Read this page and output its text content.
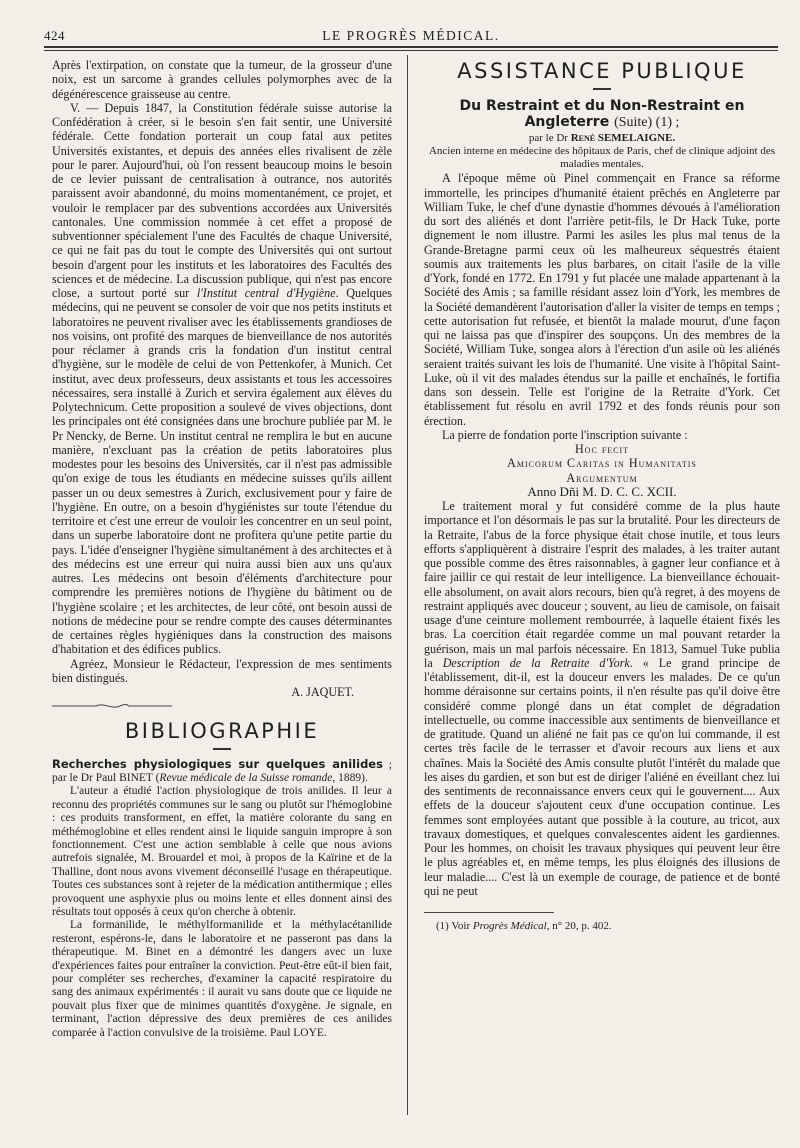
424	LE PROGRÈS MÉDICAL.

Après l'extirpation, on constate que la tumeur, de la grosseur d'une noix, est un sarcome à grandes cellules polymorphes avec de la dégénérescence graisseuse au centre.

V. — Depuis 1847, la Constitution fédérale suisse autorise la Confédération à créer, si le besoin s'en fait sentir, une Université fédérale. Cette fondation porterait un coup fatal aux petites Universités existantes, et depuis des années elles rivalisent de zèle pour le parer. Aujourd'hui, où l'on ressent beaucoup moins le besoin de ce levier puissant de centralisation à outrance, nos autorités paraissent avoir abandonné, du moins momentanément, ce projet, et vouloir le remplacer par des subventions accordées aux Universités cantonales. Une commission nommée à cet effet a proposé de subventionner spécialement l'une des Facultés de chaque Université, ce qui ne fait pas du tout le compte des Universités qui ont surtout besoin d'argent pour les instituts et les laboratoires des Facultés des sciences et de médecine. La discussion publique, qui n'est pas encore close, a surtout porté sur l'Institut central d'Hygiène. Quelques médecins, qui ne peuvent se consoler de voir que nos petits instituts et laboratoires ne peuvent rivaliser avec les établissements grandioses de nos voisins, ont profité des marques de bienveillance de nos autorités pour réclamer à grands cris la fondation d'un institut central d'hygiène, sur le modèle de celui de von Pettenkofer, à Munich. Cet institut, avec deux professeurs, deux assistants et tous les accessoires nécessaires, sera installé à Zurich et servira également aux élèves du Polytechnicum. Cette proposition a soulevé de vives objections, dont les principales ont été consignées dans une brochure publiée par M. le Pr Nencky, de Berne. Un institut central ne remplira le but en aucune manière, n'excluant pas la création de petits laboratoires plus modestes pour les besoins des Universités, car il n'est pas admissible qu'on exige de tous les étudiants en médecine suisses qu'ils aillent passer un ou deux semestres à Zurich, exclusivement pour y faire de l'hygiène. En outre, on a besoin d'hygiénistes sur toute l'étendue du territoire et c'est une erreur de vouloir les concentrer en un seul point, dans un superbe laboratoire dont ne profitera qu'une petite partie du pays. L'idée d'enseigner l'hygiène simultanément à des architectes et à des médecins est une erreur qui nuira aussi bien aux uns qu'aux autres. Les médecins ont besoin d'éléments d'architecture pour comprendre les premières notions de l'hygiène du bâtiment ou de l'hygiène scolaire ; et les architectes, de leur côté, ont besoin aussi de notions de médecine pour se rendre compte des causes déterminantes de certaines règles hygiéniques dans la construction des maisons d'habitation et des édifices publics.

Agréez, Monsieur le Rédacteur, l'expression de mes sentiments bien distingués.

A. JAQUET.

BIBLIOGRAPHIE

Recherches physiologiques sur quelques anilides ; par le Dr Paul BINET (Revue médicale de la Suisse romande, 1889).

L'auteur a étudié l'action physiologique de trois anilides. Il leur a reconnu des propriétés communes sur le sang ou plutôt sur l'hémoglobine : ces produits transforment, en effet, la matière colorante du sang en méthémoglobine et elles rendent ainsi le liquide sanguin impropre à son fonctionnement. C'est une action semblable à celle que nous avions autrefois signalée, M. Brouardel et moi, à propos de la Kaïrine et de la Thalline, dont nous avons vivement déconseillé l'usage en thérapeutique. Toutes ces substances sont à rejeter de la médication antithermique ; elles provoquent une asphyxie plus ou moins lente et elles donnent ainsi des résultats tout opposés à ceux qu'on cherche à obtenir.

La formanilide, le méthylformanilide et la méthylacétanilide resteront, espérons-le, dans le laboratoire et ne passeront pas dans la thérapeutique. M. Binet en a démontré les dangers avec un luxe d'expériences faites pour entraîner la conviction. Peut-être eût-il bien fait, pour compléter ses recherches, d'examiner la capacité respiratoire du sang des animaux expérimentés : il aurait vu sans doute que ce liquide ne pouvait plus fixer que de minimes quantités d'oxygène. Je signale, en terminant, l'action dépressive des deux premières de ces anilides comparée à l'action convulsive de la troisième. Paul LOYE.

ASSISTANCE PUBLIQUE

Du Restraint et du Non-Restraint en Angleterre (Suite) (1) ;

par le Dr René SEMELAIGNE.

Ancien interne en médecine des hôpitaux de Paris, chef de clinique adjoint des maladies mentales.

A l'époque même où Pinel commençait en France sa réforme immortelle, les principes d'humanité étaient prêchés en Angleterre par William Tuke, le chef d'une dynastie d'hommes dévoués à l'amélioration du sort des aliénés et dont l'arrière petit-fils, le Dr Hack Tuke, porte dignement le nom illustre. Parmi les asiles les plus mal tenus de la Grande-Bretagne parmi ceux où les malheureux séquestrés étaient soumis aux traitements les plus barbares, on citait l'asile de la ville d'York, fondé en 1772. En 1791 y fut placée une malade appartenant à la Société des Amis ; sa famille résidant assez loin d'York, les membres de la Société demandèrent l'autorisation d'aller la visiter de temps en temps ; cette autorisation fut refusée, et bientôt la malade mourut, d'une façon qui ne laissa pas que d'inspirer des soupçons. Un des membres de la Société, William Tuke, songea alors à l'érection d'un asile où les aliénés seraient traités suivant les lois de l'humanité. Une visite à l'hôpital Saint-Luke, où il vit des malades étendus sur la paille et enchaînés, le fortifia dans son dessein. Telle est l'origine de la Retraite d'York. Cet établissement fut résolu en avril 1792 et des fonds réunis pour son érection.

La pierre de fondation porte l'inscription suivante :

Hoc fecit

Amicorum Caritas in Humanitatis

Argumentum

Anno Dñi M. D. C. C. XCII.

Le traitement moral y fut considéré comme de la plus haute importance et l'on désormais le pas sur la brutalité. Pour les directeurs de la Retraite, l'abus de la force physique était chose inutile, et tous leurs efforts s'appliquèrent à distraire l'esprit des malades, à les traiter autant que possible comme des êtres raisonnables, à gagner leur confiance et à faire jaillir ce qui restait de leur intelligence. La bienveillance échouait-elle absolument, on avait alors recours, bien qu'à regret, à des moyens de restraint appliqués avec douceur ; souvent, au lieu de camisole, on faisait usage d'une ceinture mollement rembourrée, à laquelle étaient fixés les bras. La coercition était regardée comme un mal pouvant retarder la guérison, mais un mal parfois nécessaire. En 1813, Samuel Tuke publia la Description de la Retraite d'York. « Le grand principe de l'établissement, dit-il, est la douceur envers les malades. De ce qu'un homme déraisonne sur certains points, il n'en résulte pas qu'il doive être considéré comme plongé dans un état complet de dégradation intellectuelle, ou comme inaccessible aux sentiments de bienveillance et de gratitude. Quand un aliéné ne fait pas ce qu'on lui commande, il est certes très facile de le terrasser et d'avoir recours aux liens et aux chaînes. Mais la Société des Amis consulte plutôt l'intérêt du malade que les aises du gardien, et son but est de diriger l'aliéné en éveillant chez lui des sentiments de reconnaissance envers ceux qui le gouvernent.... Aux effets de la douceur s'ajoutent ceux d'une occupation continue. Les femmes sont employées autant que possible à la couture, au tricot, aux travaux domestiques, et quelques convalescentes aident les gardiennes. Pour les hommes, on choisit les travaux physiques qui peuvent leur être le plus agréables et, en même temps, les plus éloignés des illusions de leur maladie.... C'est là un exemple de courage, de patience et de bonté qui ne peut

(1) Voir Progrès Médical, n° 20, p. 402.
